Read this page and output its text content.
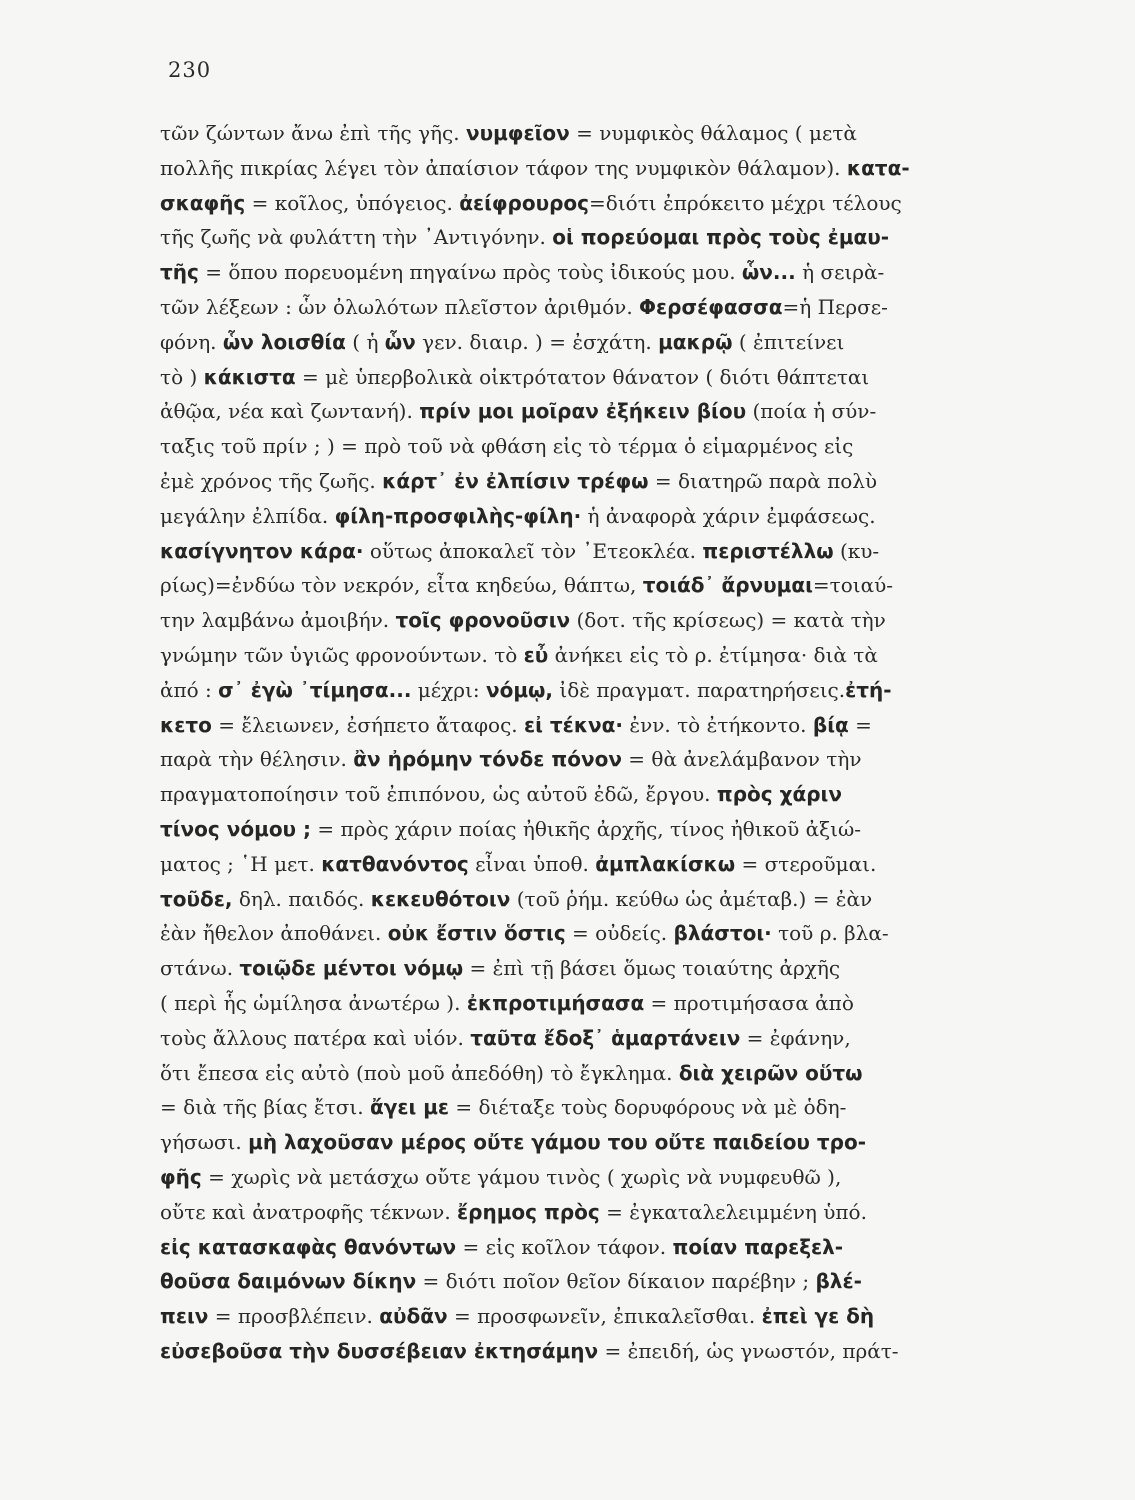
230
τῶν ζώντων ἄνω ἐπὶ τῆς γῆς. νυμφεῖον = νυμφικὸς θάλαμος ( μετὰ
πολλῆς πικρίας λέγει τὸν ἀπαίσιον τάφον της νυμφικὸν θάλαμον). κατα-
σκαφῆς = κοῖλος, ὑπόγειος. ἀείφρουρος=διότι ἐπρόκειτο μέχρι τέλους
τῆς ζωῆς νὰ φυλάττη τὴν ᾿Αντιγόνην. οἱ πορεύομαι πρὸς τοὺς ἐμαυ-
τῆς = ὅπου πορευομένη πηγαίνω πρὸς τοὺς ἰδικούς μου. ὧν... ἡ σειρὰ-
τῶν λέξεων : ὧν ὀλωλότων πλεῖστον ἀριθμόν. Φερσέφασσα=ἡ Περσε-
φόνη. ὧν λοισθία ( ἡ ὧν γεν. διαιρ. ) = ἐσχάτη. μακρῷ ( ἐπιτείνει
τὸ ) κάκιστα = μὲ ὑπερβολικὰ οἰκτρότατον θάνατον ( διότι θάπτεται
ἀθῷα, νέα καὶ ζωντανή). πρίν μοι μοῖραν ἐξήκειν βίου (ποία ἡ σύν-
ταξις τοῦ πρίν ; ) = πρὸ τοῦ νὰ φθάση εἰς τὸ τέρμα ὁ εἱμαρμένος εἰς
ἐμὲ χρόνος τῆς ζωῆς. κάρτ᾽ ἐν ἐλπίσιν τρέφω = διατηρῶ παρὰ πολὺ
μεγάλην ἐλπίδα. φίλη-προσφιλὴς-φίλη· ἡ ἀναφορὰ χάριν ἐμφάσεως.
κασίγνητον κάρα· οὕτως ἀποκαλεῖ τὸν ᾿Ετεοκλέα. περιστέλλω (κυ-
ρίως)=ἐνδύω τὸν νεκρόν, εἶτα κηδεύω, θάπτω, τοιάδ᾽ ἄρνυμαι=τοιαύ-
την λαμβάνω ἀμοιβήν. τοῖς φρονοῦσιν (δοτ. τῆς κρίσεως) = κατὰ τὴν
γνώμην τῶν ὑγιῶς φρονούντων. τὸ εὖ ἀνήκει εἰς τὸ ρ. ἐτίμησα· διὰ τὰ
ἀπό : σ᾽ ἐγὼ ᾽τίμησα... μέχρι: νόμῳ, ἰδὲ πραγματ. παρατηρήσεις.ἐτή-
κετο = ἔλειωνεν, ἐσήπετο ἄταφος. εἰ τέκνα· ἐνν. τὸ ἐτήκοντο. βίᾳ =
παρὰ τὴν θέλησιν. ἂν ἠρόμην τόνδε πόνον = θὰ ἀνελάμβανον τὴν
πραγματοποίησιν τοῦ ἐπιπόνου, ὡς αὐτοῦ ἐδῶ, ἔργου. πρὸς χάριν
τίνος νόμου ; = πρὸς χάριν ποίας ἠθικῆς ἀρχῆς, τίνος ἠθικοῦ ἀξιώ-
ματος ; ῾Η μετ. κατθανόντος εἶναι ὑποθ. ἀμπλακίσκω = στεροῦμαι.
τοῦδε, δηλ. παιδός. κεκευθότοιν (τοῦ ῥήμ. κεύθω ὡς ἀμέταβ.) = ἐὰν
ἐὰν ἤθελον ἀποθάνει. οὐκ ἔστιν ὅστις = οὐδείς. βλάστοι· τοῦ ρ. βλα-
στάνω. τοιῷδε μέντοι νόμῳ = ἐπὶ τῇ βάσει ὅμως τοιαύτης ἀρχῆς
( περὶ ἧς ὡμίλησα ἀνωτέρω ). ἐκπροτιμήσασα = προτιμήσασα ἀπὸ
τοὺς ἄλλους πατέρα καὶ υἱόν. ταῦτα ἔδοξ᾽ ἁμαρτάνειν = ἐφάνην,
ὅτι ἔπεσα εἰς αὐτὸ (ποὺ μοῦ ἀπεδόθη) τὸ ἔγκλημα. διὰ χειρῶν οὕτω
= διὰ τῆς βίας ἔτσι. ἄγει με = διέταξε τοὺς δορυφόρους νὰ μὲ ὁδη-
γήσωσι. μὴ λαχοῦσαν μέρος οὔτε γάμου του οὔτε παιδείου τρο-
φῆς = χωρὶς νὰ μετάσχω οὔτε γάμου τινὸς ( χωρὶς νὰ νυμφευθῶ ),
οὔτε καὶ ἀνατροφῆς τέκνων. ἔρημος πρὸς = ἐγκαταλελειμμένη ὑπό.
εἰς κατασκαφὰς θανόντων = εἰς κοῖλον τάφον. ποίαν παρεξελ-
θοῦσα δαιμόνων δίκην = διότι ποῖον θεῖον δίκαιον παρέβην ; βλέ-
πειν = προσβλέπειν. αὐδᾶν = προσφωνεῖν, ἐπικαλεῖσθαι. ἐπεὶ γε δὴ
εὐσεβοῦσα τὴν δυσσέβειαν ἐκτησάμην = ἐπειδή, ὡς γνωστόν, πράτ-
